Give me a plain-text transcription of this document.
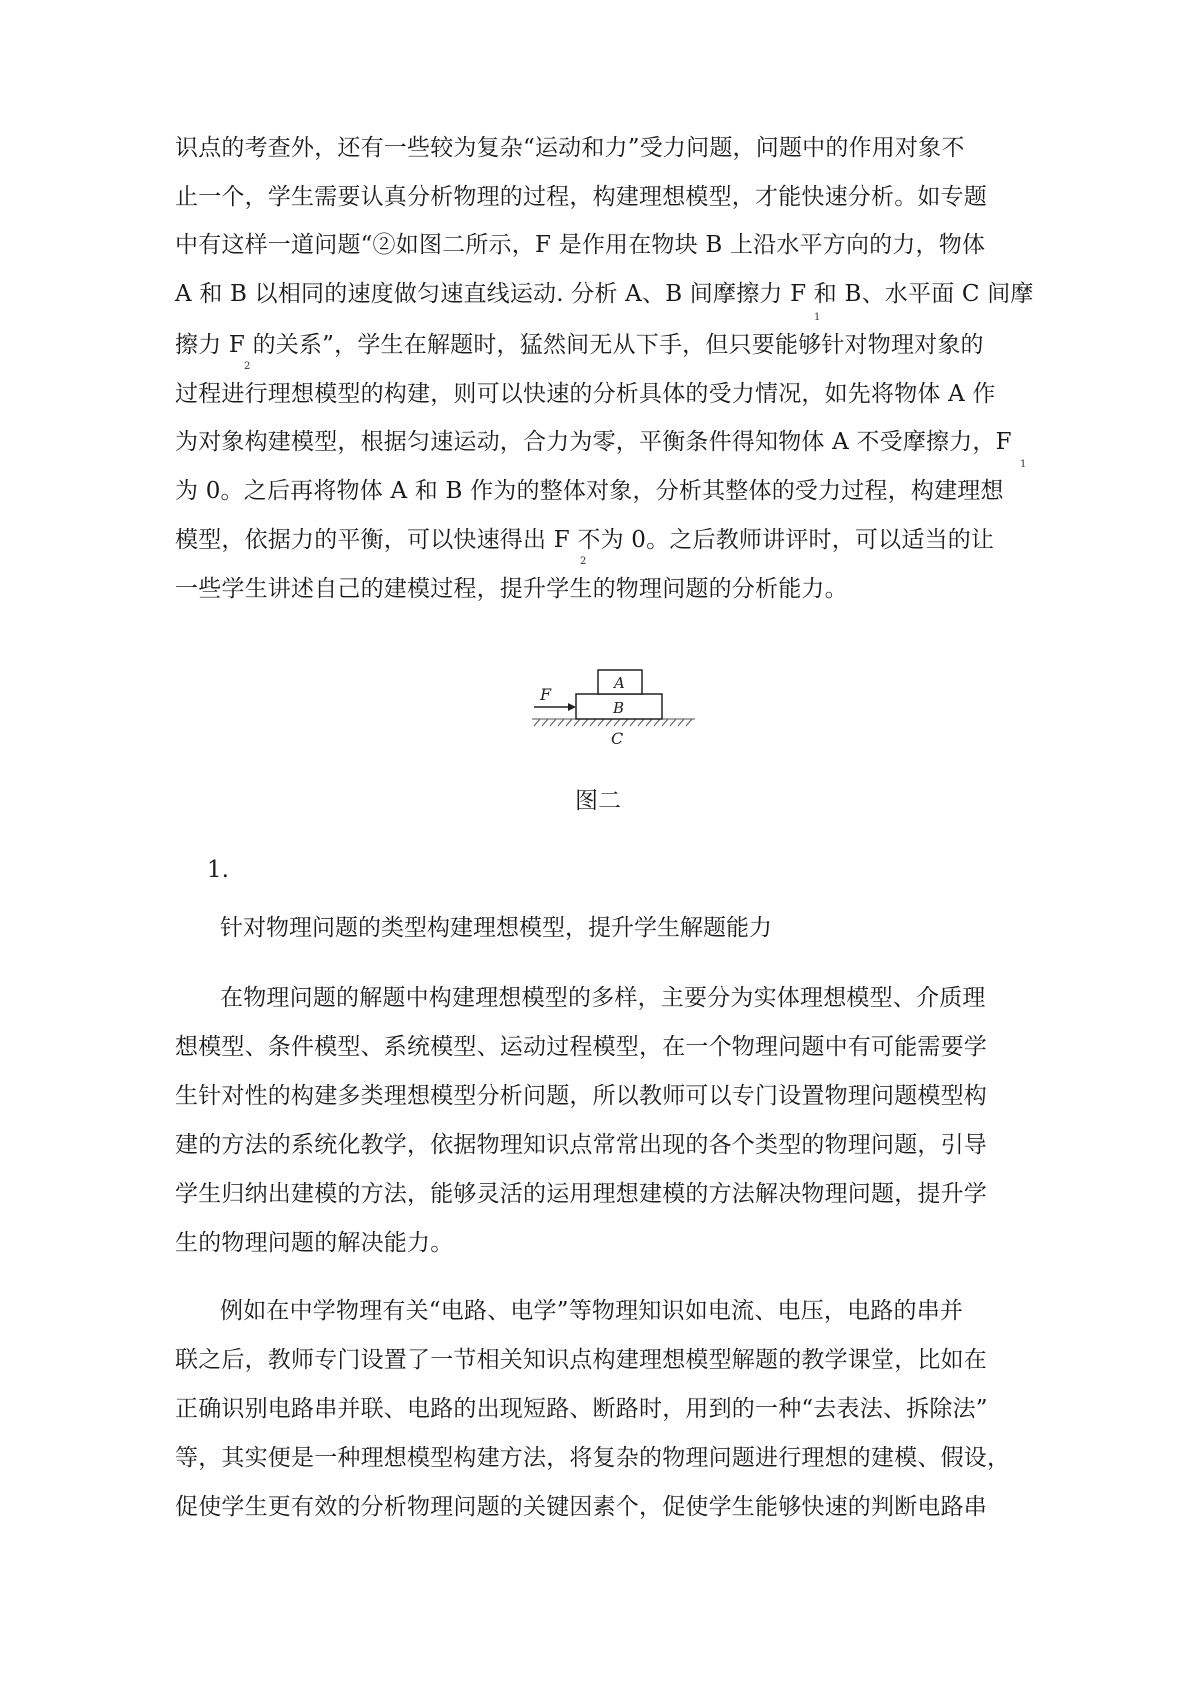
识点的考查外，还有一些较为复杂“运动和力”受力问题，问题中的作用对象不
止一个，学生需要认真分析物理的过程，构建理想模型，才能快速分析。如专题
中有这样一道问题“②如图二所示，F 是作用在物块 B 上沿水平方向的力，物体
A 和 B 以相同的速度做匀速直线运动. 分析 A、B 间摩擦力 F 和 B、水平面 C 间摩
1
擦力 F 的关系”，学生在解题时，猛然间无从下手，但只要能够针对物理对象的
2
过程进行理想模型的构建，则可以快速的分析具体的受力情况，如先将物体 A 作
为对象构建模型，根据匀速运动，合力为零，平衡条件得知物体 A 不受摩擦力，F
1
为 0。之后再将物体 A 和 B 作为的整体对象，分析其整体的受力过程，构建理想
模型，依据力的平衡，可以快速得出 F 不为 0。之后教师讲评时，可以适当的让
2
一些学生讲述自己的建模过程，提升学生的物理问题的分析能力。
F
A
B
C
图二
1.
针对物理问题的类型构建理想模型，提升学生解题能力
在物理问题的解题中构建理想模型的多样，主要分为实体理想模型、介质理
想模型、条件模型、系统模型、运动过程模型，在一个物理问题中有可能需要学
生针对性的构建多类理想模型分析问题，所以教师可以专门设置物理问题模型构
建的方法的系统化教学，依据物理知识点常常出现的各个类型的物理问题，引导
学生归纳出建模的方法，能够灵活的运用理想建模的方法解决物理问题，提升学
生的物理问题的解决能力。
例如在中学物理有关“电路、电学”等物理知识如电流、电压，电路的串并
联之后，教师专门设置了一节相关知识点构建理想模型解题的教学课堂，比如在
正确识别电路串并联、电路的出现短路、断路时，用到的一种“去表法、拆除法”
等，其实便是一种理想模型构建方法，将复杂的物理问题进行理想的建模、假设，
促使学生更有效的分析物理问题的关键因素个，促使学生能够快速的判断电路串
